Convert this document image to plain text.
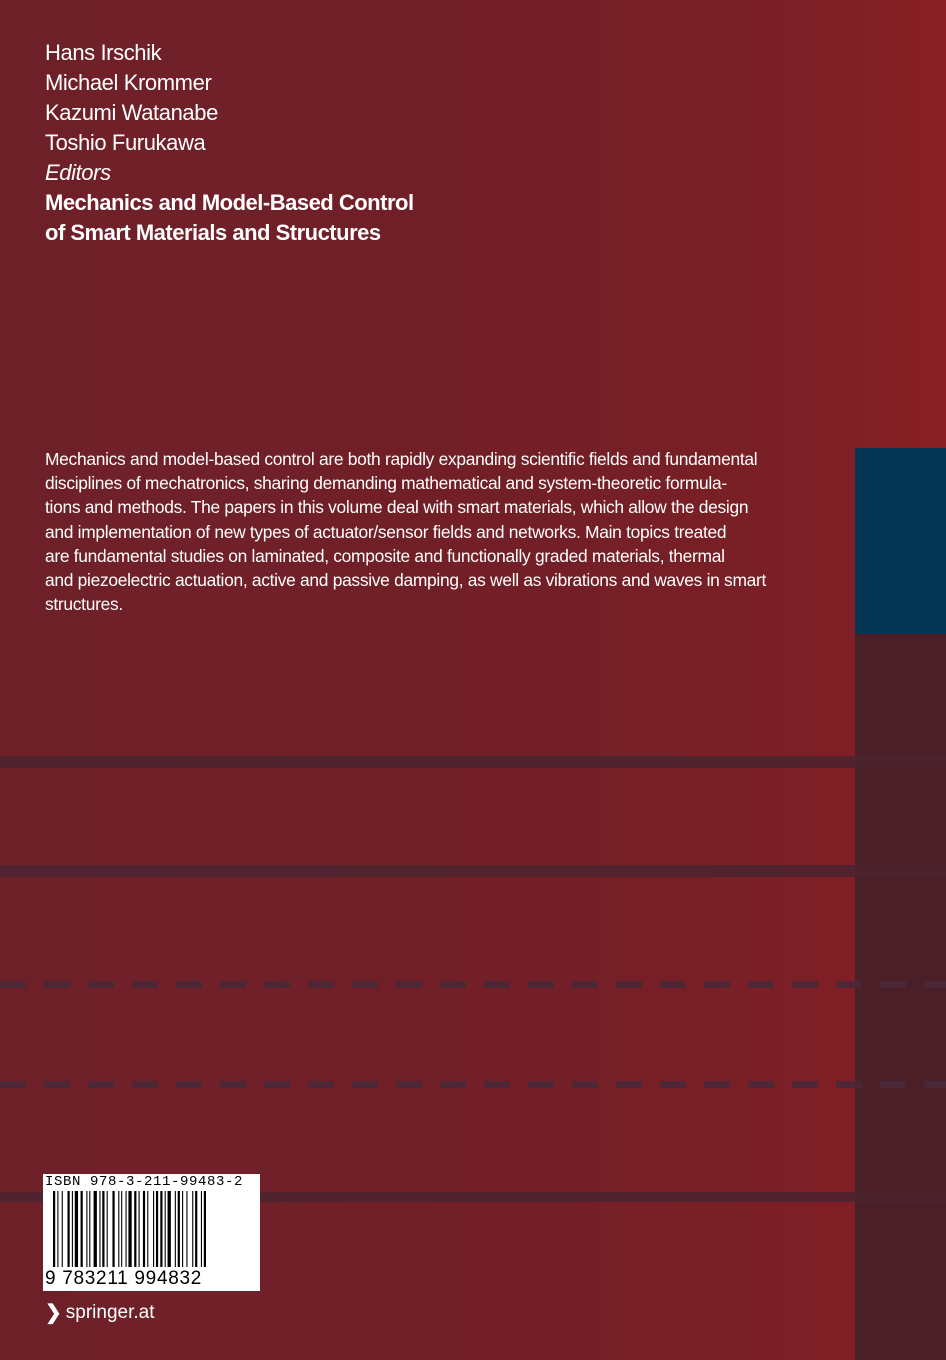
Hans Irschik
Michael Krommer
Kazumi Watanabe
Toshio Furukawa
Editors
Mechanics and Model-Based Control
of Smart Materials and Structures
Mechanics and model-based control are both rapidly expanding scientific fields and fundamental
disciplines of mechatronics, sharing demanding mathematical and system-theoretic formula-
tions and methods. The papers in this volume deal with smart materials, which allow the design
and implementation of new types of actuator/sensor fields and networks. Main topics treated
are fundamental studies on laminated, composite and functionally graded materials, thermal
and piezoelectric actuation, active and passive damping, as well as vibrations and waves in smart
structures.
ISBN 978-3-211-99483-2
9 783211 994832
❯ springer.at
